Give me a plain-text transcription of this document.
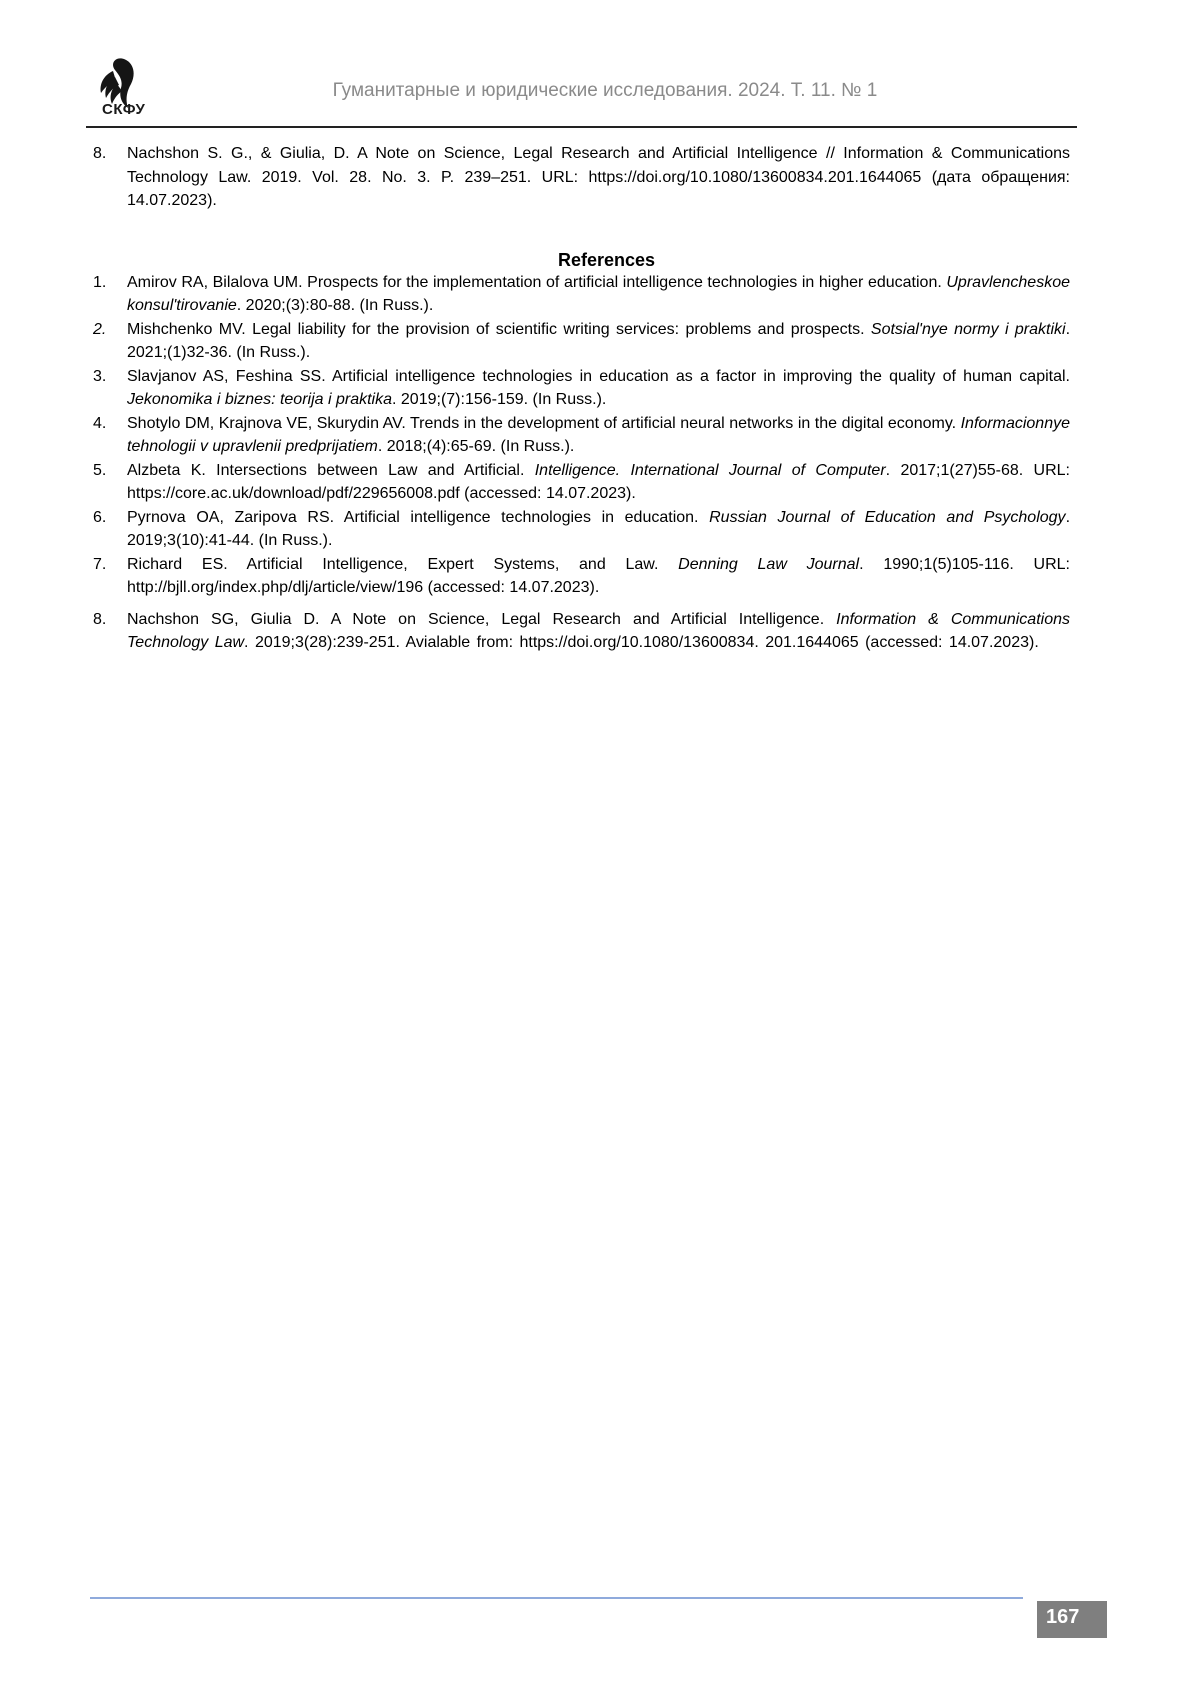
СКФУ
Гуманитарные и юридические исследования. 2024. Т. 11. № 1
8.	Nachshon S. G., & Giulia, D. A Note on Science, Legal Research and Artificial Intelligence // Information & Communications Technology Law. 2019. Vol. 28. No. 3. P. 239–251. URL: https://doi.org/10.1080/13600834.201.1644065 (дата обращения: 14.07.2023).
References
1.	Amirov RA, Bilalova UM. Prospects for the implementation of artificial intelligence technologies in higher education. Upravlencheskoe konsul'tirovanie. 2020;(3):80-88. (In Russ.).
2.	Mishchenko MV. Legal liability for the provision of scientific writing services: problems and prospects. Sotsial'nye normy i praktiki. 2021;(1)32-36. (In Russ.).
3.	Slavjanov AS, Feshina SS. Artificial intelligence technologies in education as a factor in improving the quality of human capital. Jekonomika i biznes: teorija i praktika. 2019;(7):156-159. (In Russ.).
4.	Shotylo DM, Krajnova VE, Skurydin AV. Trends in the development of artificial neural networks in the digital economy. Informacionnye tehnologii v upravlenii predprijatiem. 2018;(4):65-69. (In Russ.).
5.	Alzbeta K. Intersections between Law and Artificial. Intelligence. International Journal of Computer. 2017;1(27)55-68. URL: https://core.ac.uk/download/pdf/229656008.pdf (accessed: 14.07.2023).
6.	Pyrnova OA, Zaripova RS. Artificial intelligence technologies in education. Russian Journal of Education and Psychology. 2019;3(10):41-44. (In Russ.).
7.	Richard ES. Artificial Intelligence, Expert Systems, and Law. Denning Law Journal. 1990;1(5)105-116. URL: http://bjll.org/index.php/dlj/article/view/196 (accessed: 14.07.2023).
8.	Nachshon SG, Giulia D. A Note on Science, Legal Research and Artificial Intelligence. Information & Communications Technology Law. 2019;3(28):239-251. Avialable from: https://doi.org/10.1080/13600834. 201.1644065 (accessed: 14.07.2023).
167
